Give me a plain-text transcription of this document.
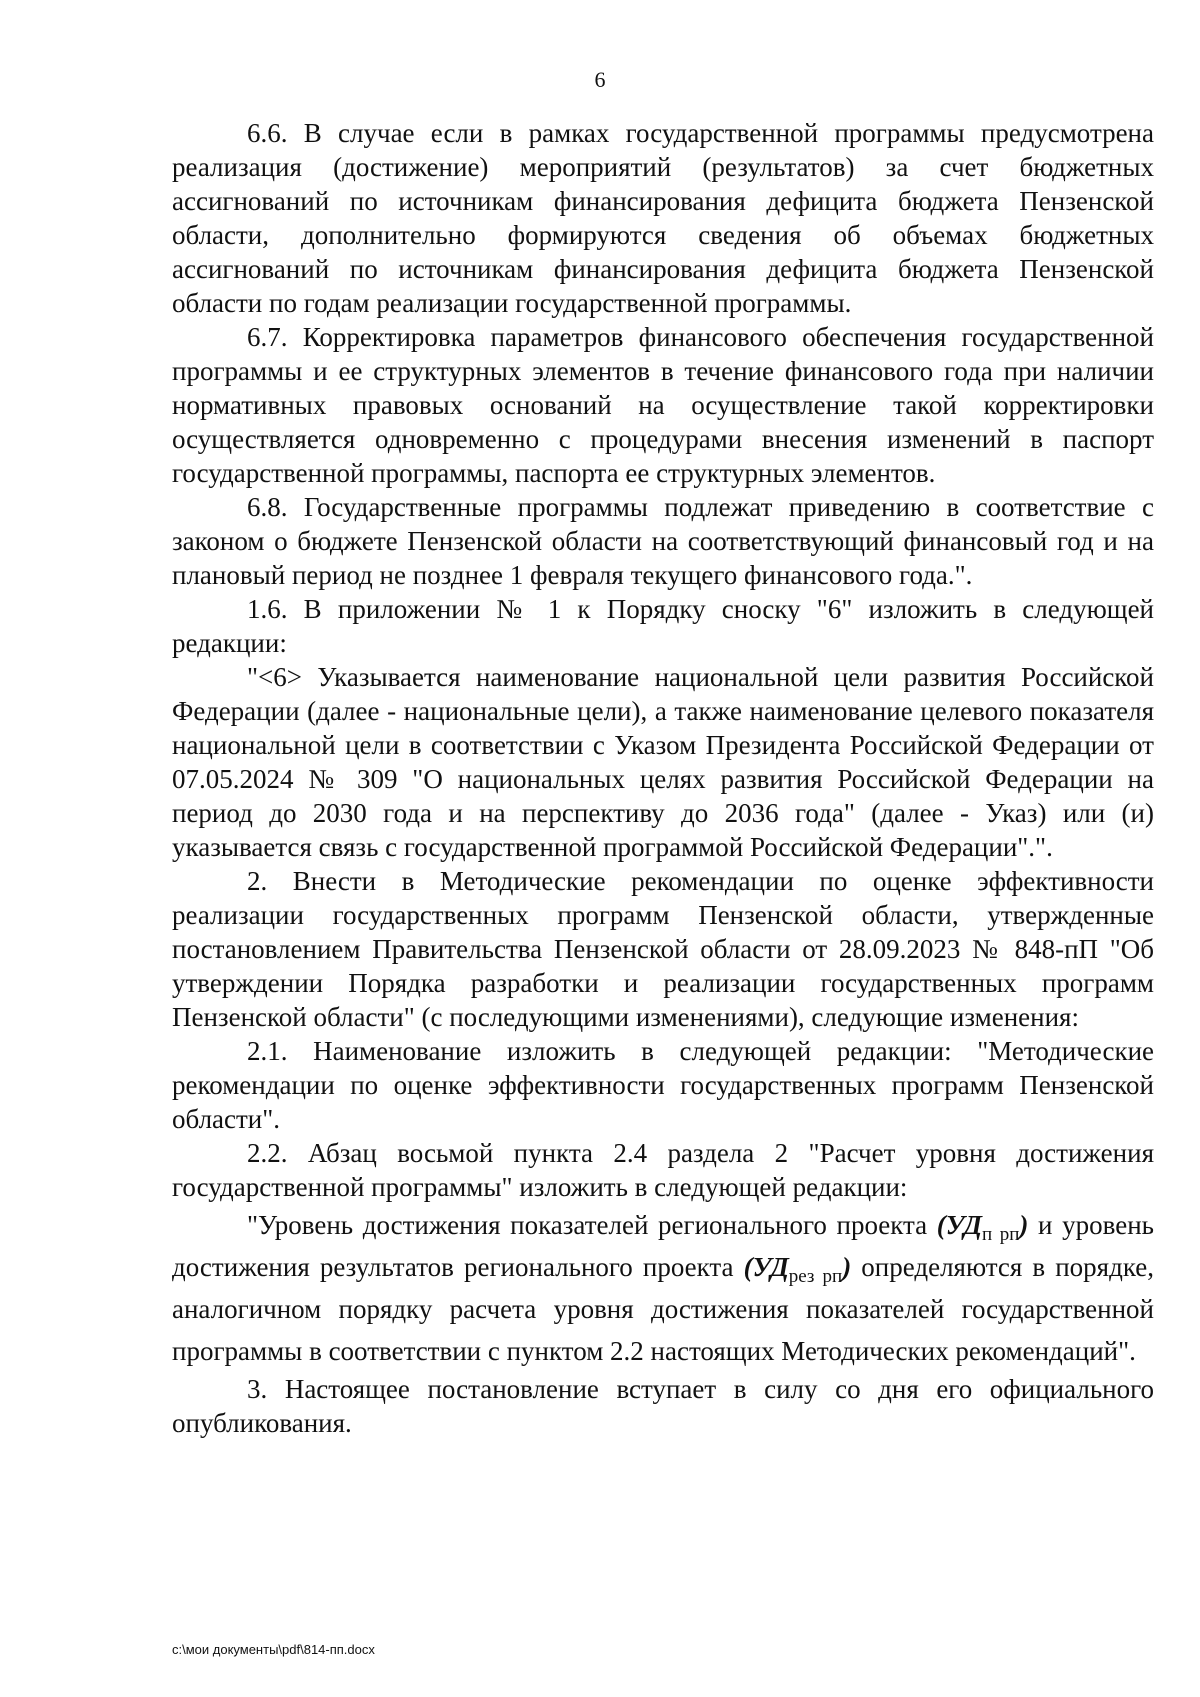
6

6.6. В случае если в рамках государственной программы предусмотрена реализация (достижение) мероприятий (результатов) за счет бюджетных ассигнований по источникам финансирования дефицита бюджета Пензенской области, дополнительно формируются сведения об объемах бюджетных ассигнований по источникам финансирования дефицита бюджета Пензенской области по годам реализации государственной программы.

6.7. Корректировка параметров финансового обеспечения государственной программы и ее структурных элементов в течение финансового года при наличии нормативных правовых оснований на осуществление такой корректировки осуществляется одновременно с процедурами внесения изменений в паспорт государственной программы, паспорта ее структурных элементов.

6.8. Государственные программы подлежат приведению в соответствие с законом о бюджете Пензенской области на соответствующий финансовый год и на плановый период не позднее 1 февраля текущего финансового года.".

1.6. В приложении № 1 к Порядку сноску "6" изложить в следующей редакции:

"<6> Указывается наименование национальной цели развития Российской Федерации (далее - национальные цели), а также наименование целевого показателя национальной цели в соответствии с Указом Президента Российской Федерации от 07.05.2024 № 309 "О национальных целях развития Российской Федерации на период до 2030 года и на перспективу до 2036 года" (далее - Указ) или (и) указывается связь с государственной программой Российской Федерации".".

2. Внести в Методические рекомендации по оценке эффективности реализации государственных программ Пензенской области, утвержденные постановлением Правительства Пензенской области от 28.09.2023 № 848-пП "Об утверждении Порядка разработки и реализации государственных программ Пензенской области" (с последующими изменениями), следующие изменения:

2.1. Наименование изложить в следующей редакции: "Методические рекомендации по оценке эффективности государственных программ Пензенской области".

2.2. Абзац восьмой пункта 2.4 раздела 2 "Расчет уровня достижения государственной программы" изложить в следующей редакции:

"Уровень достижения показателей регионального проекта $(УД_{п рп})$ и уровень достижения результатов регионального проекта $(УД_{рез рп})$ определяются в порядке, аналогичном порядку расчета уровня достижения показателей государственной программы в соответствии с пунктом 2.2 настоящих Методических рекомендаций".

3. Настоящее постановление вступает в силу со дня его официального опубликования.

c:\мои документы\pdf\814-пп.docx
